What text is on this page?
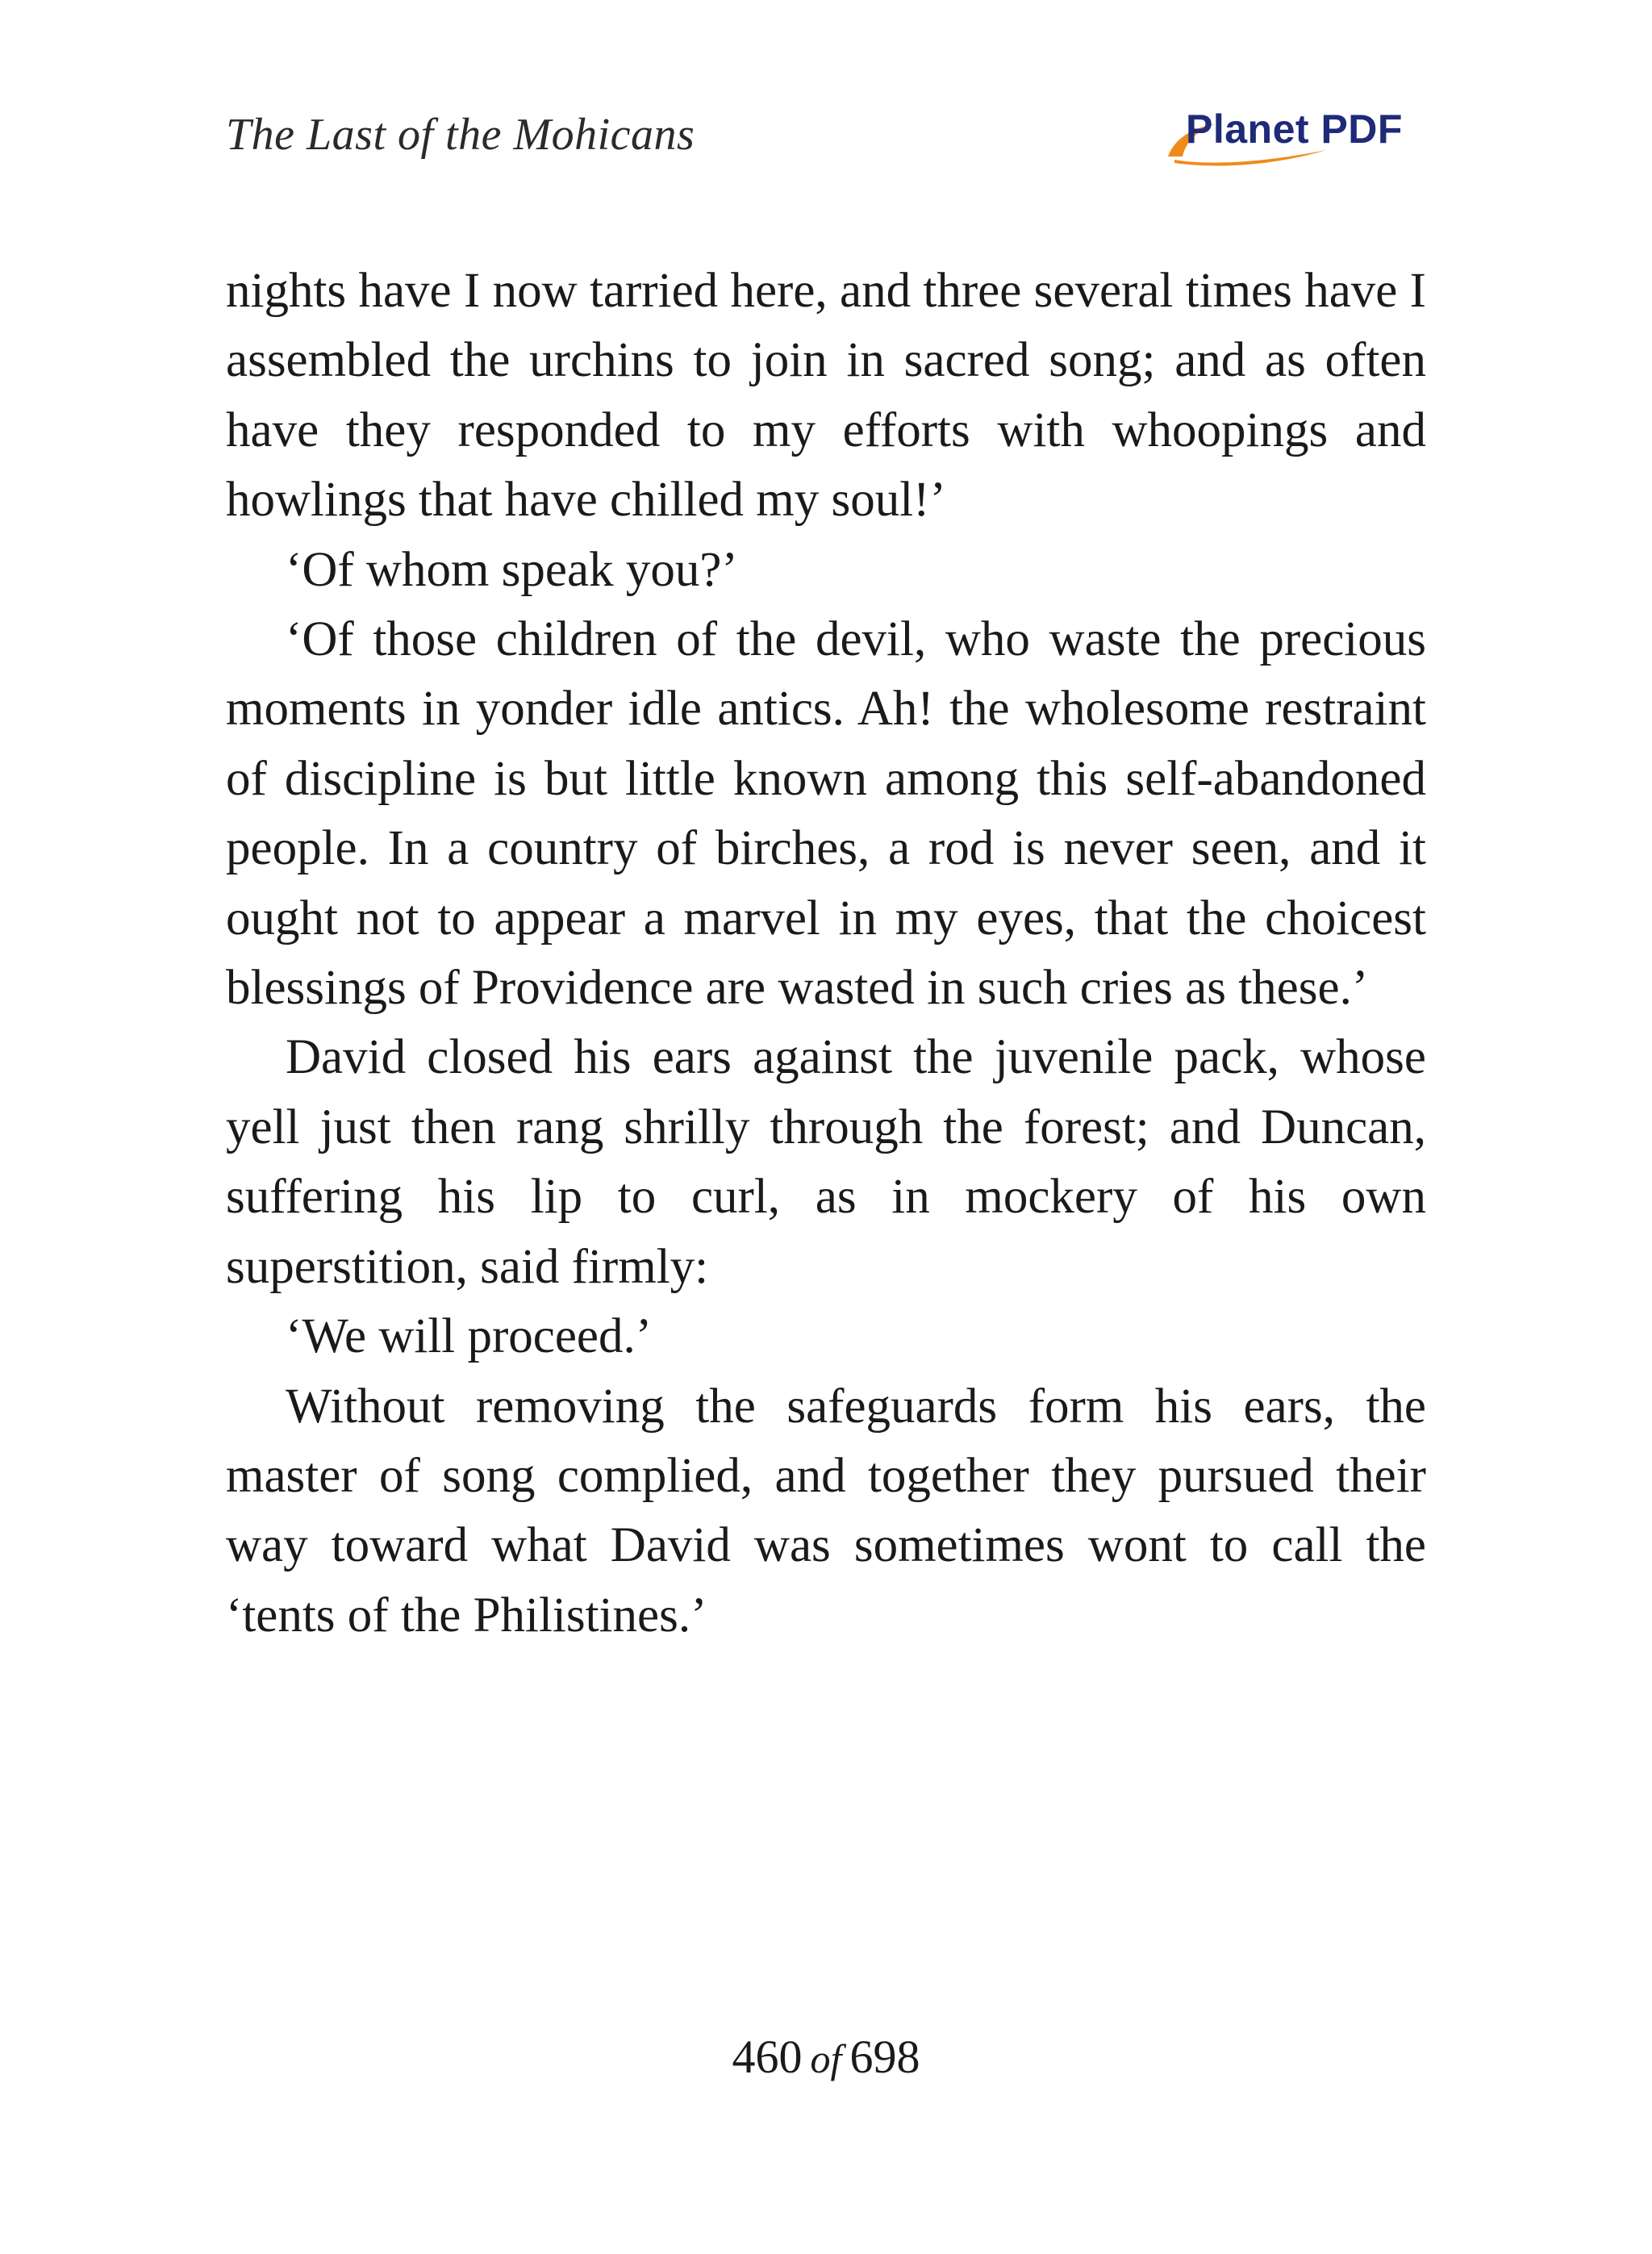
The Last of the Mohicans	Planet PDF

nights have I now tarried here, and three several times have I assembled the urchins to join in sacred song; and as often have they responded to my efforts with whoopings and howlings that have chilled my soul!’

‘Of whom speak you?’

‘Of those children of the devil, who waste the precious moments in yonder idle antics. Ah! the wholesome restraint of discipline is but little known among this self-abandoned people. In a country of birches, a rod is never seen, and it ought not to appear a marvel in my eyes, that the choicest blessings of Providence are wasted in such cries as these.’

David closed his ears against the juvenile pack, whose yell just then rang shrilly through the forest; and Duncan, suffering his lip to curl, as in mockery of his own superstition, said firmly:

‘We will proceed.’

Without removing the safeguards form his ears, the master of song complied, and together they pursued their way toward what David was sometimes wont to call the ‘tents of the Philistines.’

460 of 698
